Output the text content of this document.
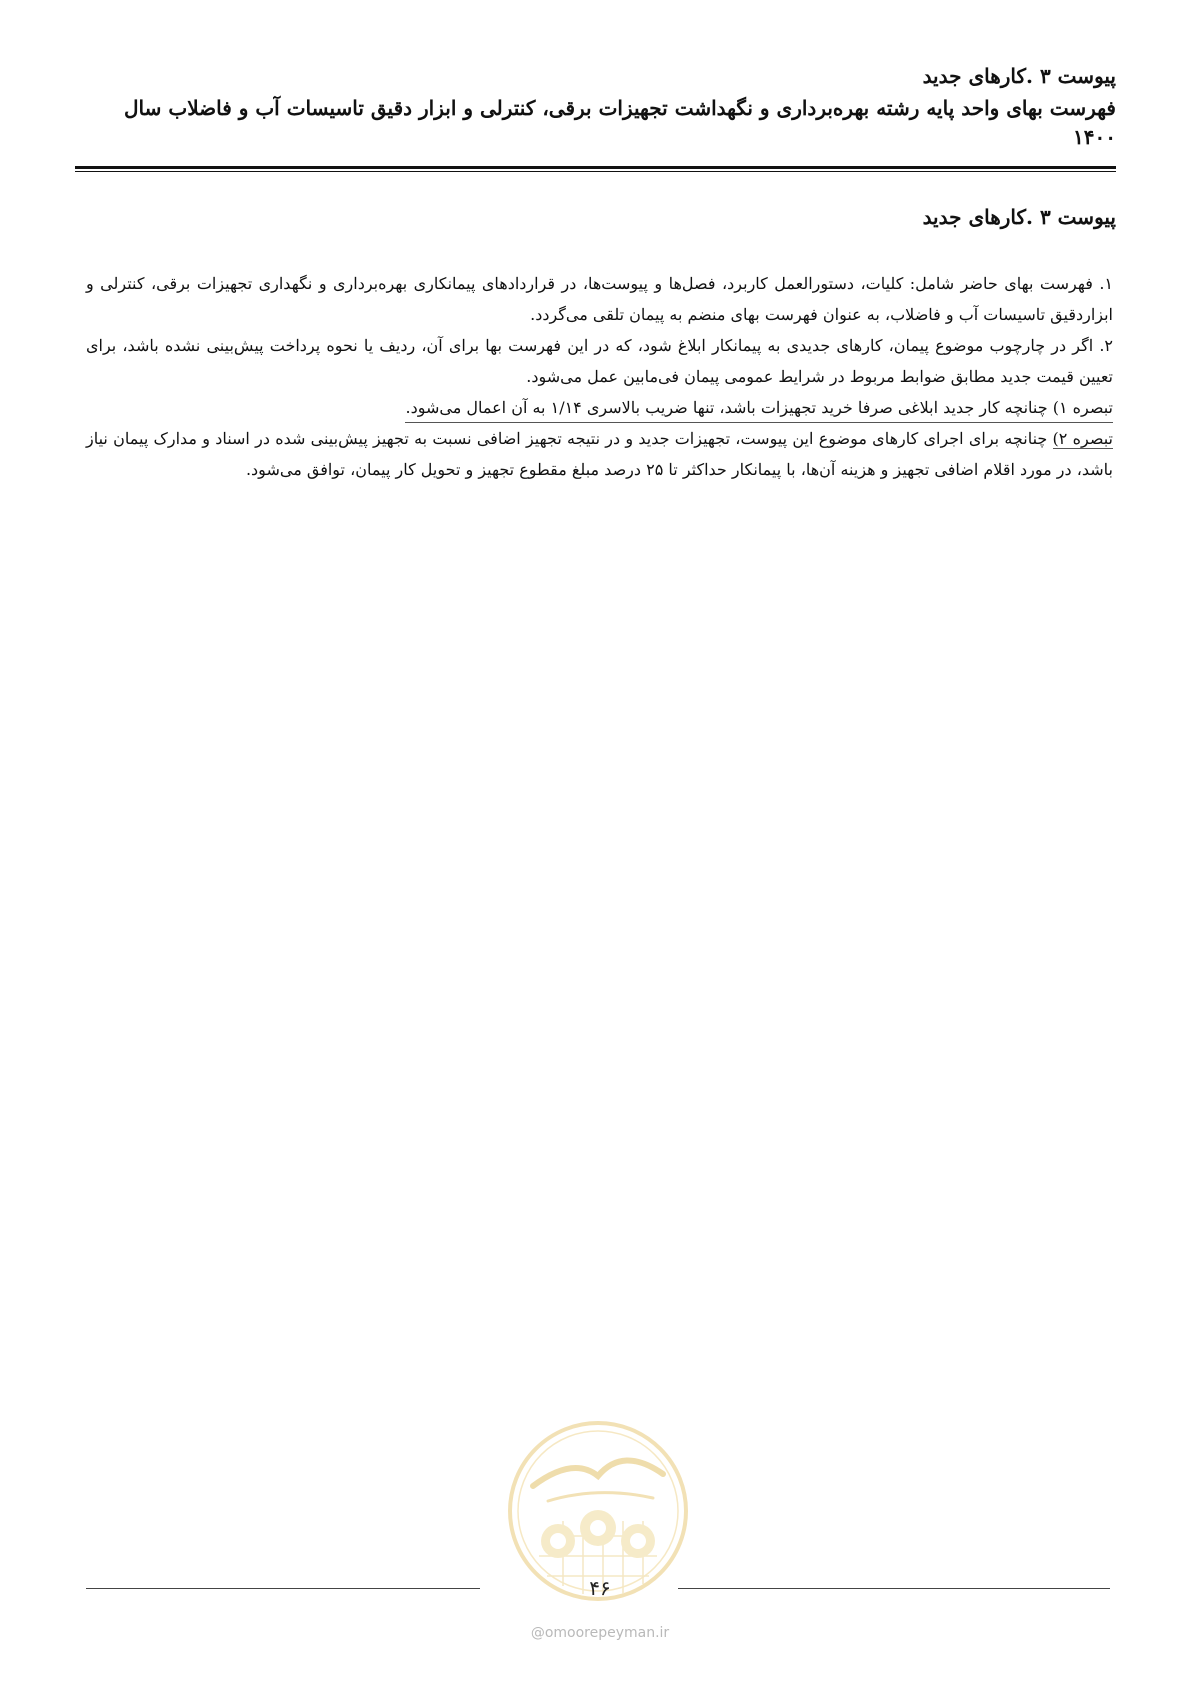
پیوست ۳ .کارهای جدید

فهرست بهای واحد پایه رشته بهره‌برداری و نگهداشت تجهیزات برقی، کنترلی و ابزار دقیق تاسیسات آب و فاضلاب سال

۱۴۰۰

پیوست ۳ .کارهای جدید

۱. فهرست بهای حاضر شامل: کلیات، دستورالعمل کاربرد، فصل‌ها و پیوست‌ها، در قراردادهای پیمانکاری بهره‌برداری و نگهداری تجهیزات برقی، کنترلی و ابزاردقیق تاسیسات آب و فاضلاب، به عنوان فهرست بهای منضم به پیمان تلقی می‌گردد.

۲. اگر در چارچوب موضوع پیمان، کارهای جدیدی به پیمانکار ابلاغ شود، که در این فهرست بها برای آن، ردیف یا نحوه پرداخت پیش‌بینی نشده باشد، برای تعیین قیمت جدید مطابق ضوابط مربوط در شرایط عمومی پیمان فی‌مابین عمل می‌شود.

تبصره ۱) چنانچه کار جدید ابلاغی صرفا خرید تجهیزات باشد، تنها ضریب بالاسری ۱/۱۴ به آن اعمال می‌شود.

تبصره ۲) چنانچه برای اجرای کارهای موضوع این پیوست، تجهیزات جدید و در نتیجه تجهیز اضافی نسبت به تجهیز پیش‌بینی شده در اسناد و مدارک پیمان نیاز باشد، در مورد اقلام اضافی تجهیز و هزینه آن‌ها، با پیمانکار حداکثر تا ۲۵ درصد مبلغ مقطوع تجهیز و تحویل کار پیمان، توافق می‌شود.

۴۶
@omoorepeyman.ir
